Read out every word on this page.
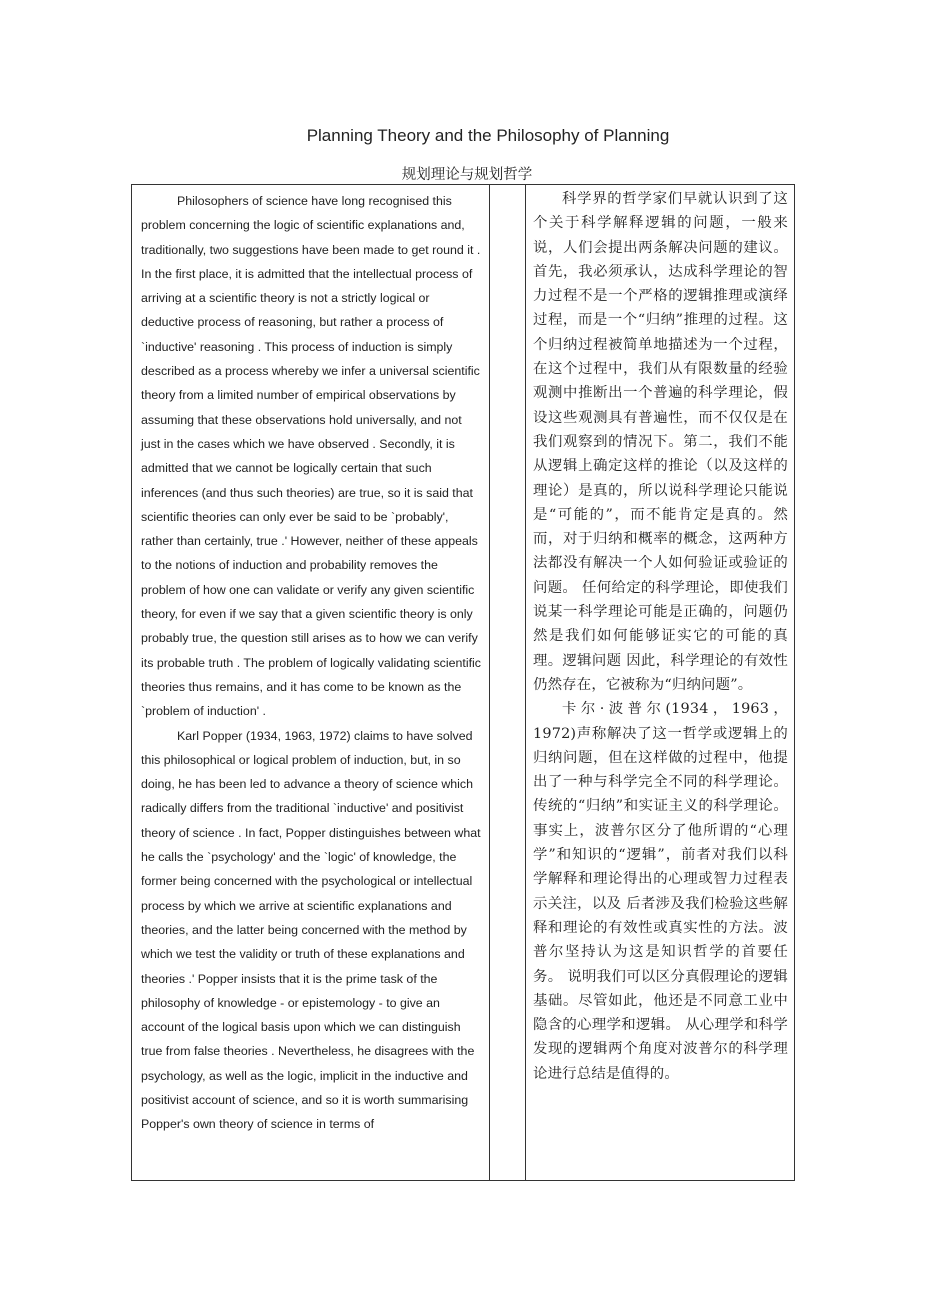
Planning Theory and the Philosophy of Planning
规划理论与规划哲学

Philosophers of science have long recognised this problem concerning the logic of scientific explanations and, traditionally, two suggestions have been made to get round it . In the first place, it is admitted that the intellectual process of arriving at a scientific theory is not a strictly logical or deductive process of reasoning, but rather a process of `inductive' reasoning . This process of induction is simply described as a process whereby we infer a universal scientific theory from a limited number of empirical observations by assuming that these observations hold universally, and not just in the cases which we have observed . Secondly, it is admitted that we cannot be logically certain that such inferences (and thus such theories) are true, so it is said that scientific theories can only ever be said to be `probably', rather than certainly, true .' However, neither of these appeals to the notions of induction and probability removes the problem of how one can validate or verify any given scientific theory, for even if we say that a given scientific theory is only probably true, the question still arises as to how we can verify its probable truth . The problem of logically validating scientific theories thus remains, and it has come to be known as the `problem of induction' .

Karl Popper (1934, 1963, 1972) claims to have solved this philosophical or logical problem of induction, but, in so doing, he has been led to advance a theory of science which radically differs from the traditional `inductive' and positivist theory of science . In fact, Popper distinguishes between what he calls the `psychology' and the `logic' of knowledge, the former being concerned with the psychological or intellectual process by which we arrive at scientific explanations and theories, and the latter being concerned with the method by which we test the validity or truth of these explanations and theories .' Popper insists that it is the prime task of the philosophy of knowledge - or epistemology - to give an account of the logical basis upon which we can distinguish true from false theories . Nevertheless, he disagrees with the psychology, as well as the logic, implicit in the inductive and positivist account of science, and so it is worth summarising Popper's own theory of science in terms of

科学界的哲学家们早就认识到了这个关于科学解释逻辑的问题，一般来说，人们会提出两条解决问题的建议。首先，我必须承认，达成科学理论的智力过程不是一个严格的逻辑推理或演绎过程，而是一个“归纳”推理的过程。这个归纳过程被简单地描述为一个过程，在这个过程中，我们从有限数量的经验观测中推断出一个普遍的科学理论，假设这些观测具有普遍性，而不仅仅是在我们观察到的情况下。第二，我们不能从逻辑上确定这样的推论（以及这样的理论）是真的，所以说科学理论只能说是“可能的”，而不能肯定是真的。然而，对于归纳和概率的概念，这两种方法都没有解决一个人如何验证或验证的问题。 任何给定的科学理论，即使我们说某一科学理论可能是正确的，问题仍然是我们如何能够证实它的可能的真理。逻辑问题 因此，科学理论的有效性仍然存在，它被称为“归纳问题”。

卡尔·波普尔(1934，1963，1972)声称解决了这一哲学或逻辑上的归纳问题，但在这样做的过程中，他提出了一种与科学完全不同的科学理论。传统的“归纳”和实证主义的科学理论。事实上，波普尔区分了他所谓的“心理学”和知识的“逻辑”，前者对我们以科学解释和理论得出的心理或智力过程表示关注，以及 后者涉及我们检验这些解释和理论的有效性或真实性的方法。波普尔坚持认为这是知识哲学的首要任务。 说明我们可以区分真假理论的逻辑基础。尽管如此，他还是不同意工业中隐含的心理学和逻辑。 从心理学和科学发现的逻辑两个角度对波普尔的科学理论进行总结是值得的。
